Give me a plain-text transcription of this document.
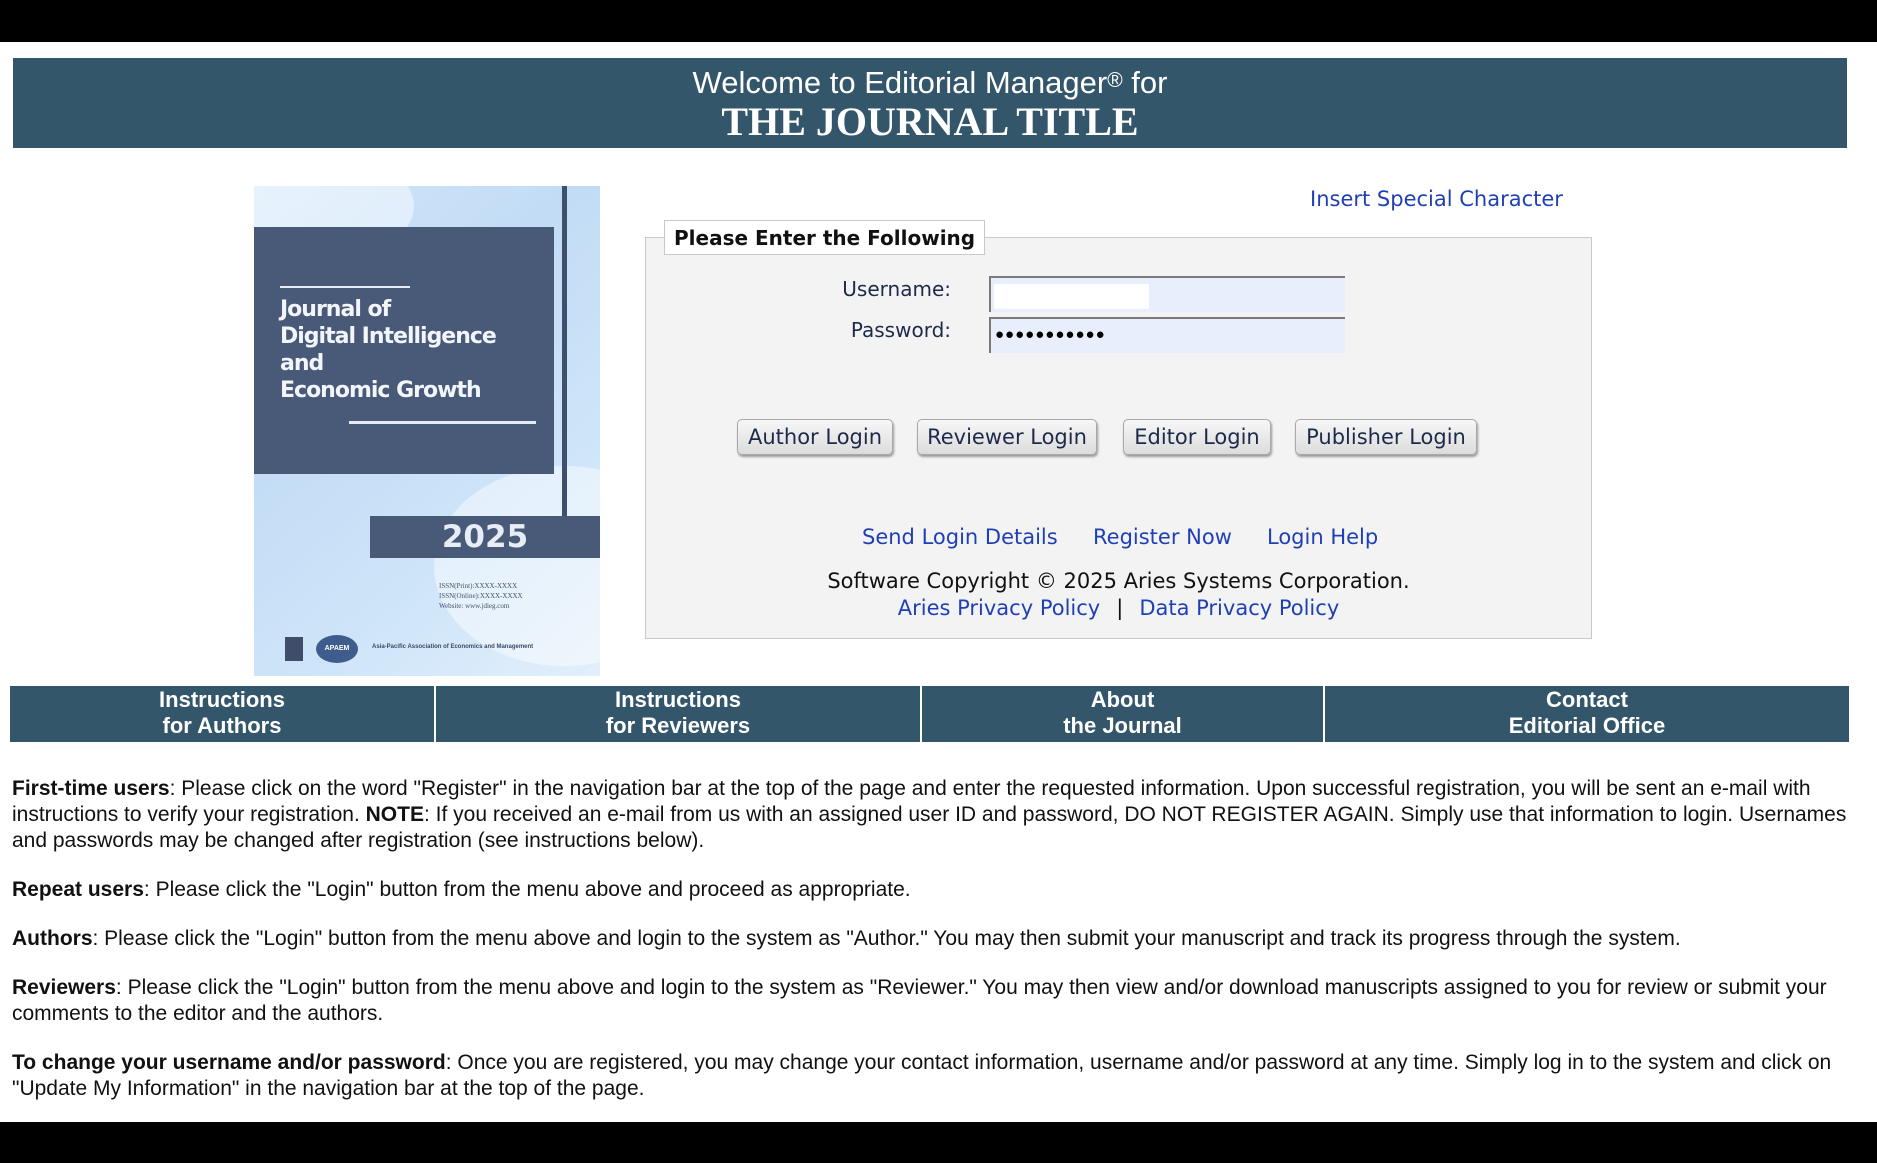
Welcome to Editorial Manager® for
THE JOURNAL TITLE
Journal of
Digital Intelligence
and
Economic Growth
2025
ISSN(Print):XXXX-XXXX
ISSN(Online):XXXX-XXXX
Website: www.jdieg.com
APAEM	Asia-Pacific Association of Economics and Management
Insert Special Character
Please Enter the Following
Username:
Password:	●●●●●●●●●●●
Author Login	Reviewer Login	Editor Login	Publisher Login
Send Login Details Register Now Login Help
Software Copyright © 2025 Aries Systems Corporation.
Aries Privacy Policy | Data Privacy Policy
Instructions
for Authors
Instructions
for Reviewers
About
the Journal
Contact
Editorial Office

First-time users: Please click on the word "Register" in the navigation bar at the top of the page and enter the requested information. Upon successful registration, you will be sent an e-mail with instructions to verify your registration. NOTE: If you received an e-mail from us with an assigned user ID and password, DO NOT REGISTER AGAIN. Simply use that information to login. Usernames and passwords may be changed after registration (see instructions below).

Repeat users: Please click the "Login" button from the menu above and proceed as appropriate.

Authors: Please click the "Login" button from the menu above and login to the system as "Author." You may then submit your manuscript and track its progress through the system.

Reviewers: Please click the "Login" button from the menu above and login to the system as "Reviewer." You may then view and/or download manuscripts assigned to you for review or submit your comments to the editor and the authors.

To change your username and/or password: Once you are registered, you may change your contact information, username and/or password at any time. Simply log in to the system and click on "Update My Information" in the navigation bar at the top of the page.
